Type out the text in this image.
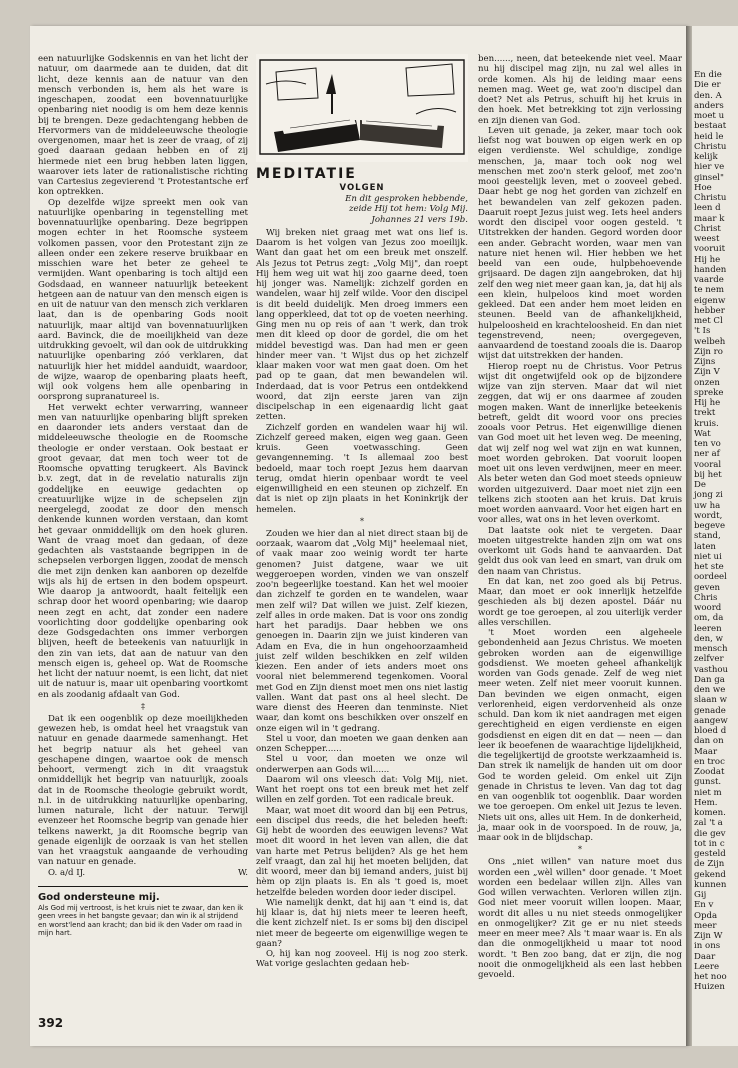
een natuurlijke Godskennis en van het licht der natuur, om daarmede aan te duiden, dat dit licht, deze kennis aan de natuur van den mensch verbonden is, hem als het ware is ingeschapen, zoodat een bovennatuurlijke openbaring niet noodig is om hem deze kennis bij te brengen. Deze gedachtengang hebben de Hervormers van de middeleeuwsche theologie overgenomen, maar het is zeer de vraag, of zij goed daaraan gedaan hebben en of zij hiermede niet een brug hebben laten liggen, waarover iets later de rationalistische richting van Cartesius zegevierend 't Protestantsche erf kon optrekken.

Op dezelfde wijze spreekt men ook van natuurlijke openbaring in tegenstelling met bovennatuurlijke openbaring. Deze begrippen mogen echter in het Roomsche systeem volkomen passen, voor den Protestant zijn ze alleen onder een zekere reserve bruikbaar en misschien ware het beter ze geheel te vermijden. Want openbaring is toch altijd een Godsdaad, en wanneer natuurlijk beteekent hetgeen aan de natuur van den mensch eigen is en uit de natuur van den mensch zich verklaren laat, dan is de openbaring Gods nooit natuurlijk, maar altijd van bovennatuurlijken aard. Bavinck, die de moeilijkheid van deze uitdrukking gevoelt, wil dan ook de uitdrukking natuurlijke openbaring zóó verklaren, dat natuurlijk hier het middel aanduidt, waardoor, de wijze, waarop de openbaring plaats heeft, wijl ook volgens hem alle openbaring in oorsprong supranatureel is.

Het verwekt echter verwarring, wanneer men van natuurlijke openbaring blijft spreken en daaronder iets anders verstaat dan de middeleeuwsche theologie en de Roomsche theologie er onder verstaan. Ook bestaat er groot gevaar, dat men toch weer tot de Roomsche opvatting terugkeert. Als Bavinck b.v. zegt, dat in de revelatio naturalis zijn goddelijke en eeuwige gedachten op creatuurlijke wijze in de schepselen zijn neergelegd, zoodat ze door den mensch denkende kunnen worden verstaan, dan komt het gevaar onmiddellijk om den hoek gluren. Want de vraag moet dan gedaan, of deze gedachten als vaststaande begrippen in de schepselen verborgen liggen, zoodat de mensch die met zijn denken kan aanboren op dezelfde wijs als hij de ertsen in den bodem opspeurt. Wie daarop ja antwoordt, haalt feitelijk een schrap door het woord openbaring; wie daarop neen zegt en acht, dat zonder een nadere voorlichting door goddelijke openbaring ook deze Godsgedachten ons immer verborgen blijven, heeft de beteekenis van natuurlijk in den zin van iets, dat aan de natuur van den mensch eigen is, geheel op. Wat de Roomsche het licht der natuur noemt, is een licht, dat niet uit de natuur is, maar uit openbaring voortkomt en als zoodanig afdaalt van God.

‡

Dat ik een oogenblik op deze moeilijkheden gewezen heb, is omdat heel het vraagstuk van natuur en genade daarmede samenhangt. Het het begrip natuur als het geheel van geschapene dingen, waartoe ook de mensch behoort, vermengt zich in dit vraagstuk onmiddellijk het begrip van natuurlijk, zooals dat in de Roomsche theologie gebruikt wordt, n.l. in de uitdrukking natuurlijke openbaring, lumen naturale, licht der natuur. Terwijl evenzeer het Roomsche begrip van genade hier telkens nawerkt, ja dit Roomsche begrip van genade eigenlijk de oorzaak is van het stellen van het vraagstuk aangaande de verhouding van natuur en genade.

O. a/d IJ.	W.

God ondersteune mij.
Als God mij vertroost, is het kruis niet te zwaar, dan ken ik geen vrees in het bangste gevaar; dan win ik al strijdend en worst'lend aan kracht; dan bid ik den Vader om raad in mijn hart.
MEDITATIE
VOLGEN
En dit gesproken hebbende,
zeide Hij tot hem: Volg Mij.
Johannes 21 vers 19b.

Wij breken niet graag met wat ons lief is. Daarom is het volgen van Jezus zoo moeilijk. Want dan gaat het om een breuk met onszelf. Als Jezus tot Petrus zegt: „Volg Mij", dan roept Hij hem weg uit wat hij zoo gaarne deed, toen hij jonger was. Namelijk: zichzelf gorden en wandelen, waar hij zelf wilde. Voor den discipel is dit beeld duidelijk. Men droeg immers een lang opperkleed, dat tot op de voeten neerhing. Ging men nu op reis of aan 't werk, dan trok men dit kleed op door de gordel, die om het middel bevestigd was. Dan had men er geen hinder meer van. 't Wijst dus op het zichzelf klaar maken voor wat men gaat doen. Om het pad op te gaan, dat men bewandelen wil. Inderdaad, dat is voor Petrus een ontdekkend woord, dat zijn eerste jaren van zijn discipelschap in een eigenaardig licht gaat zetten.

Zichzelf gorden en wandelen waar hij wil. Zichzelf gereed maken, eigen weg gaan. Geen kruis. Geen voetwassching. Geen gevangenneming. 't Is allemaal zoo best bedoeld, maar toch roept Jezus hem daarvan terug, omdat hierin openbaar wordt te veel eigenwilligheid en een steunen op zichzelf. En dat is niet op zijn plaats in het Koninkrijk der hemelen.

*

Zouden we hier dan al niet direct staan bij de oorzaak, waarom dat „Volg Mij" heelemaal niet, of vaak maar zoo weinig wordt ter harte genomen? Juist datgene, waar we uit weggeroepen worden, vinden we van onszelf zoo'n begeerlijke toestand. Kan het wel mooier dan zichzelf te gorden en te wandelen, waar men zelf wil? Dat willen we juist. Zelf kiezen, zelf alles in orde maken. Dat is voor ons zondig hart het paradijs. Daar hebben we ons genoegen in. Daarin zijn we juist kinderen van Adam en Eva, die in hun ongehoorzaamheid juist zelf wilden beschikken en zelf wilden kiezen. Een ander of iets anders moet ons vooral niet belemmerend tegenkomen. Vooral met God en Zijn dienst moet men ons niet lastig vallen. Want dat past ons al heel slecht. De ware dienst des Heeren dan tenminste. Niet waar, dan komt ons beschikken over onszelf en onze eigen wil in 't gedrang.

Stel u voor, dan moeten we gaan denken aan onzen Schepper......

Stel u voor, dan moeten we onze wil onderwerpen aan Gods wil......

Daarom wil ons vleesch dat: Volg Mij, niet. Want het roept ons tot een breuk met het zelf willen en zelf gorden. Tot een radicale breuk.

Maar, wat moet dit woord dan bij een Petrus, een discipel dus reeds, die het beleden heeft: Gij hebt de woorden des eeuwigen levens? Wat moet dit woord in het leven van allen, die dat van harte met Petrus belijden? Als ge het hem zelf vraagt, dan zal hij het moeten belijden, dat dit woord, meer dan bij iemand anders, juist bij hèm op zijn plaats is. En als 't goed is, moet hetzelfde beleden worden door ieder discipel.

Wie namelijk denkt, dat hij aan 't eind is, dat hij klaar is, dat hij niets meer te leeren heeft, die kent zichzelf niet. Is er soms bij den discipel niet meer de begeerte om eigenwillige wegen te gaan?

O, hij kan nog zooveel. Hij is nog zoo sterk. Wat vorige geslachten gedaan heb-

ben......, neen, dat beteekende niet veel. Maar nu hij discipel mag zijn, nu zal wel alles in orde komen. Als hij de leiding maar eens nemen mag. Weet ge, wat zoo'n discipel dan doet? Net als Petrus, schuift hij het kruis in den hoek. Met betrekking tot zijn verlossing en zijn dienen van God.

Leven uit genade, ja zeker, maar toch ook liefst nog wat bouwen op eigen werk en op eigen verdienste. Wel schuldige, zondige menschen, ja, maar toch ook nog wel menschen met zoo'n sterk geloof, met zoo'n mooi geestelijk leven, met o zooveel gebed. Daar hebt ge nog het gorden van zichzelf en het bewandelen van zelf gekozen paden. Daaruit roept Jezus juist weg. Iets heel anders wordt den discipel voor oogen gesteld. 't Uitstrekken der handen. Gegord worden door een ander. Gebracht worden, waar men van nature niet henen wil. Hier hebben we het beeld van een oude, hulpbehoevende grijsaard. De dagen zijn aangebroken, dat hij zelf den weg niet meer gaan kan, ja, dat hij als een klein, hulpeloos kind moet worden gekleed. Dat een ander hem moet leiden en steunen. Beeld van de afhankelijkheid, hulpeloosheid en krachteloosheid. En dan niet tegenstrevend, neen; overgegeven, aanvaardend de toestand zooals die is. Daarop wijst dat uitstrekken der handen.

Hierop roept nu de Christus. Voor Petrus wijst dit ongetwijfeld ook op de bijzondere wijze van zijn sterven. Maar dat wil niet zeggen, dat wij er ons daarmee af zouden mogen maken. Want de innerlijke beteekenis betreft, geldt dit woord voor ons precies zooals voor Petrus. Het eigenwillige dienen van God moet uit het leven weg. De meening, dat wij zelf nog wel wat zijn en wat kunnen, moet worden gebroken. Dat vooruit loopen moet uit ons leven verdwijnen, meer en meer. Als beter weten dan God moet steeds opnieuw worden uitgezuiverd. Daar moet niet zijn een telkens zich stooten aan het kruis. Dat kruis moet worden aanvaard. Voor het eigen hart en voor alles, wat ons in het leven overkomt.

Dat laatste ook niet te vergeten. Daar moeten uitgestrekte handen zijn om wat ons overkomt uit Gods hand te aanvaarden. Dat geldt dus ook van leed en smart, van druk om den naam van Christus.

En dat kan, net zoo goed als bij Petrus. Maar, dan moet er ook innerlijk hetzelfde geschieden als bij dezen apostel. Dáár nu wordt ge toe geroepen, al zou uiterlijk verder alles verschillen.

't Moet worden een algeheele gebondenheid aan Jezus Christus. We moeten gebroken worden aan de eigenwillige godsdienst. We moeten geheel afhankelijk worden van Gods genade. Zelf de weg niet meer weten. Zelf niet meer vooruit kunnen. Dan bevinden we eigen onmacht, eigen verlorenheid, eigen verdorvenheid als onze schuld. Dan kom ik niet aandragen met eigen gerechtigheid en eigen verdienste en eigen godsdienst en eigen dit en dat — neen — dan leer ik beoefenen de waarachtige lijdelijkheid, die tegelijkertijd de grootste werkzaamheid is. Dan strek ik namelijk de handen uit om door God te worden geleid. Om enkel uit Zijn genade in Christus te leven. Van dag tot dag en van oogenblik tot oogenblik. Daar worden we toe geroepen. Om enkel uit Jezus te leven. Niets uit ons, alles uit Hem. In de donkerheid, ja, maar ook in de voorspoed. In de rouw, ja, maar ook in de blijdschap.

*

Ons „niet willen" van nature moet dus worden een „wèl willen" door genade. 't Moet worden een bedelaar willen zijn. Alles van God willen verwachten. Verloren willen zijn. God niet meer vooruit willen loopen. Maar, wordt dit alles u nu niet steeds onmogelijker en onmogelijker? Zit ge er nu niet steeds meer en meer mee? Als 't maar waar is. En als dan die onmogelijkheid u maar tot nood wordt. 't Ben zoo bang, dat er zijn, die nog nooit die onmogelijkheid als een last hebben gevoeld.

392
En die
Die er
den. A
anders
moet u
bestaat
heid le
Christu
kelijk
hier ve
ginsel"
Hoe
Christu
leen d
maar k
Christ
weest
vooruit
Hij he
handen
vaarde
te nem
eigenw
hebber
met Cl
't Is
welbeh
Zijn ro
Zijns
Zijn V
onzen
spreke
Hij he
trekt
kruis.
Wat
ten vo
ner af
vooral
bij het
De
jong zi
uw ha
wordt,
begeve
stand,
laten
niet ui
het ste
oordeel
geven
Chris
woord
om, da
leeren
den, w
mensch
zelfver
vasthou
Dan ga
den we
slaan w
genade
aangew
bloed d
dan on
Maar
en troc
Zoodat
gunst.
niet m
Hem.
komen.
zal 't a
die gev
tot in c
gesteld
de Zijn
gekend
kunnen
Gij
En v
Opda
meer
Zijn W
in ons
Daar
Leere
het noo
Huizen
